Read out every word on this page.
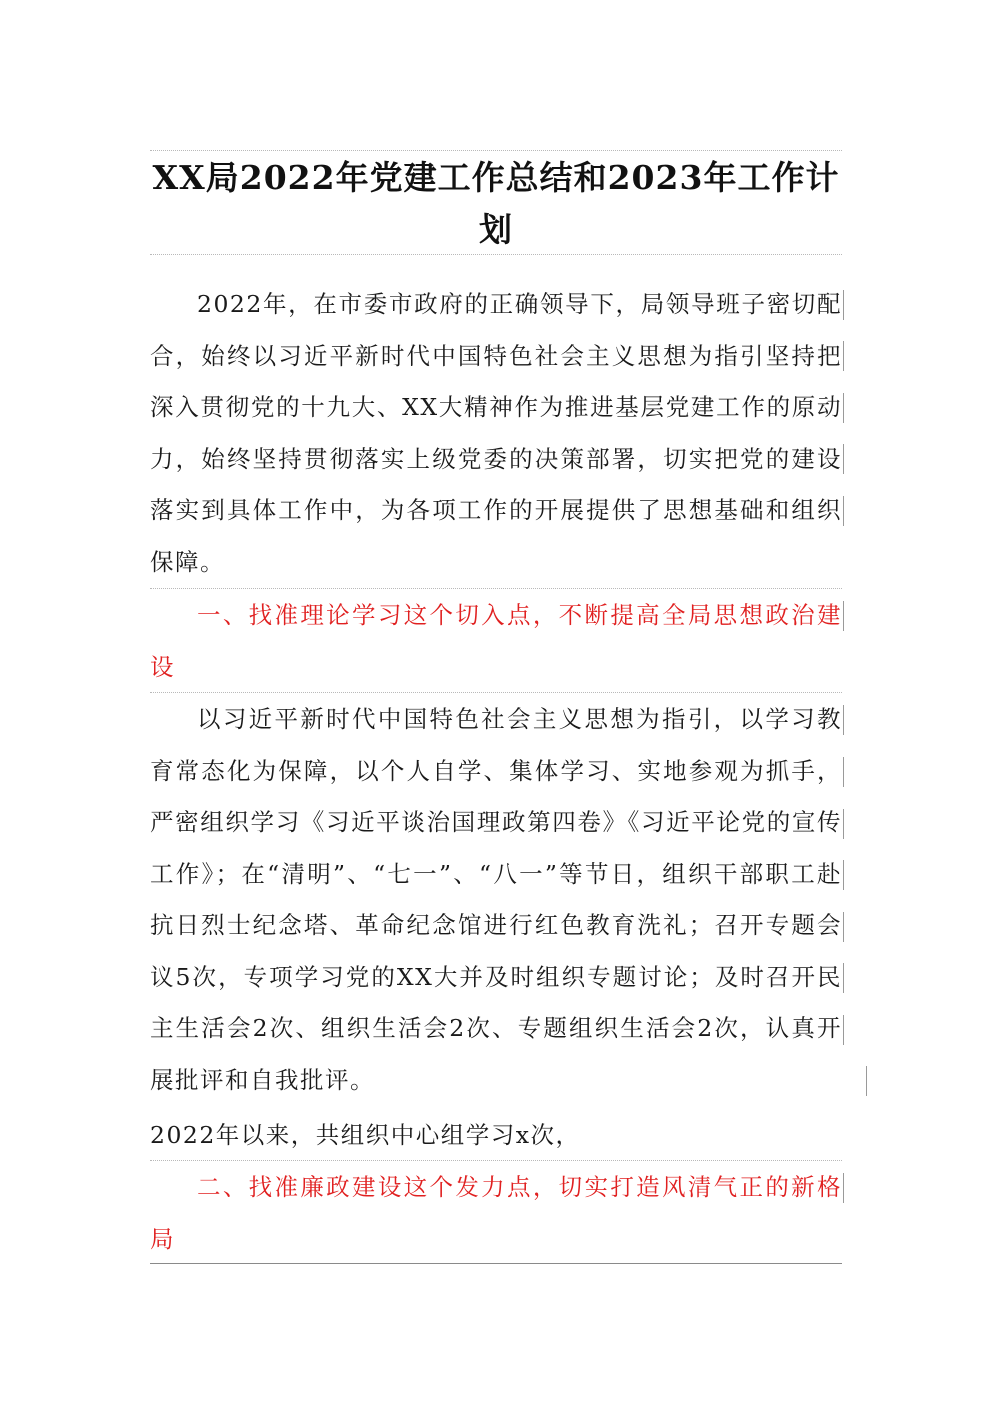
XX局2022年党建工作总结和2023年工作计划
2022年，在市委市政府的正确领导下，局领导班子密切配合，始终以习近平新时代中国特色社会主义思想为指引坚持把深入贯彻党的十九大、XX大精神作为推进基层党建工作的原动力，始终坚持贯彻落实上级党委的决策部署，切实把党的建设落实到具体工作中，为各项工作的开展提供了思想基础和组织保障。
一、找准理论学习这个切入点，不断提高全局思想政治建设
以习近平新时代中国特色社会主义思想为指引，以学习教育常态化为保障，以个人自学、集体学习、实地参观为抓手，严密组织学习《习近平谈治国理政第四卷》《习近平论党的宣传工作》；在“清明”、“七一”、“八一”等节日，组织干部职工赴抗日烈士纪念塔、革命纪念馆进行红色教育洗礼；召开专题会议5次，专项学习党的XX大并及时组织专题讨论；及时召开民主生活会2次、组织生活会2次、专题组织生活会2次，认真开展批评和自我批评。
2022年以来，共组织中心组学习x次，
二、找准廉政建设这个发力点，切实打造风清气正的新格局
